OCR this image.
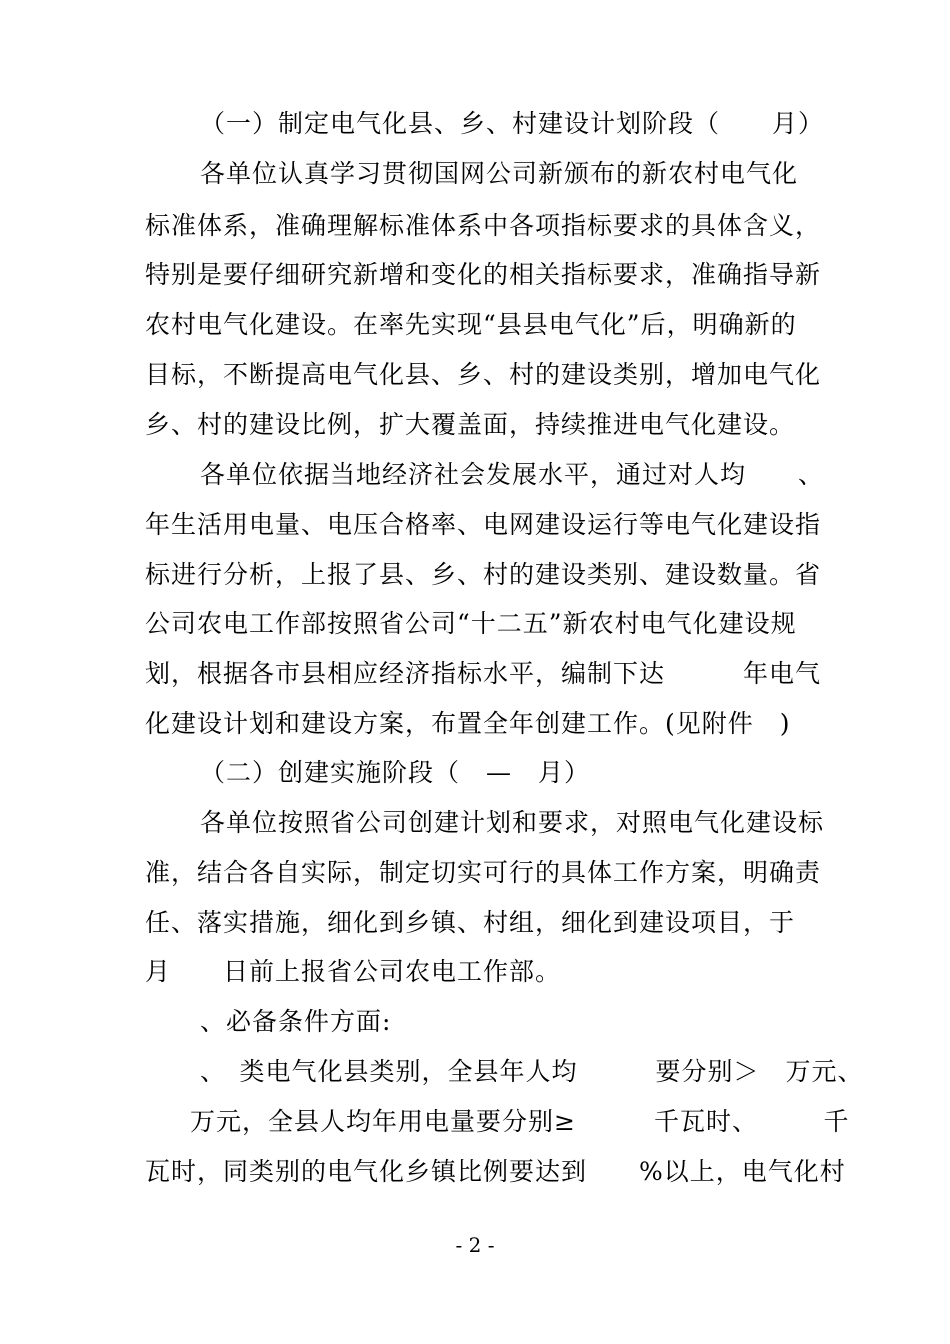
（一）制定电气化县、乡、村建设计划阶段（　　月）
各单位认真学习贯彻国网公司新颁布的新农村电气化
标准体系，准确理解标准体系中各项指标要求的具体含义，
特别是要仔细研究新增和变化的相关指标要求，准确指导新
农村电气化建设。在率先实现“县县电气化”后，明确新的
目标，不断提高电气化县、乡、村的建设类别，增加电气化
乡、村的建设比例，扩大覆盖面，持续推进电气化建设。
各单位依据当地经济社会发展水平，通过对人均　　、
年生活用电量、电压合格率、电网建设运行等电气化建设指
标进行分析，上报了县、乡、村的建设类别、建设数量。省
公司农电工作部按照省公司“十二五”新农村电气化建设规
划，根据各市县相应经济指标水平，编制下达　　　年电气
化建设计划和建设方案，布置全年创建工作。(见附件　)
（二）创建实施阶段（　—　月）
各单位按照省公司创建计划和要求，对照电气化建设标
准，结合各自实际，制定切实可行的具体工作方案，明确责
任、落实措施，细化到乡镇、村组，细化到建设项目，于
月　　日前上报省公司农电工作部。
、必备条件方面:
、　类电气化县类别，全县年人均　　　要分别＞　万元、
万元，全县人均年用电量要分别≥　　　千瓦时、　　　千
瓦时，同类别的电气化乡镇比例要达到　　%以上，电气化村
- 2 -
